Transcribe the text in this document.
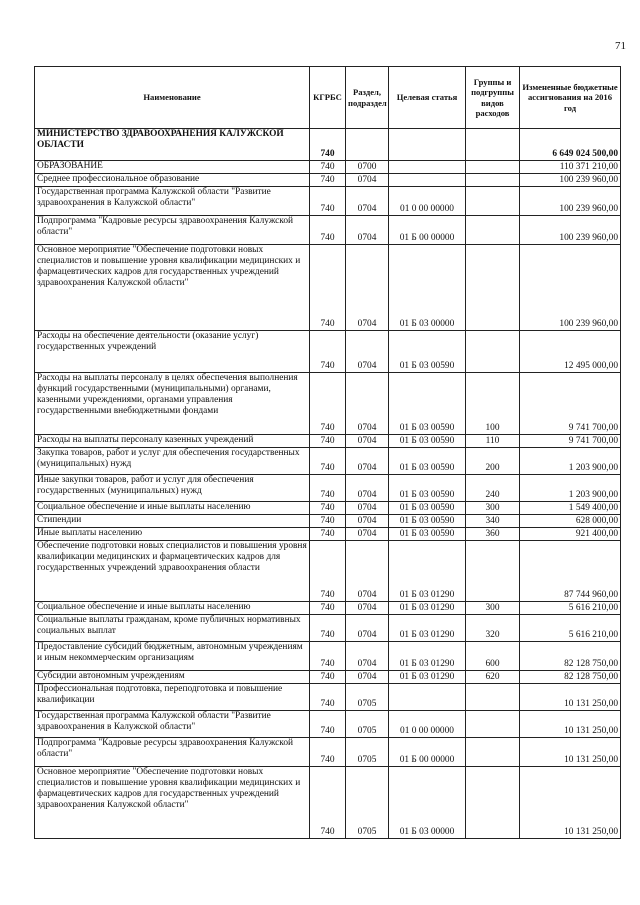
71
Наименование	КГРБС	Раздел, подраздел	Целевая статья	Группы и подгруппы видов расходов	Измененные бюджетные ассигнования на 2016 год
МИНИСТЕРСТВО ЗДРАВООХРАНЕНИЯ КАЛУЖСКОЙ ОБЛАСТИ	740				6 649 024 500,00
ОБРАЗОВАНИЕ	740	0700			110 371 210,00
Среднее профессиональное образование	740	0704			100 239 960,00
Государственная программа Калужской области "Развитие здравоохранения в Калужской области"	740	0704	01 0 00 00000		100 239 960,00
Подпрограмма "Кадровые ресурсы здравоохранения Калужской области"	740	0704	01 Б 00 00000		100 239 960,00
Основное мероприятие "Обеспечение подготовки новых специалистов и повышение уровня квалификации медицинских и фармацевтических кадров для государственных учреждений здравоохранения Калужской области"	740	0704	01 Б 03 00000		100 239 960,00
Расходы на обеспечение деятельности (оказание услуг) государственных учреждений	740	0704	01 Б 03 00590		12 495 000,00
Расходы на выплаты персоналу в целях обеспечения выполнения функций государственными (муниципальными) органами, казенными учреждениями, органами управления государственными внебюджетными фондами	740	0704	01 Б 03 00590	100	9 741 700,00
Расходы на выплаты персоналу казенных учреждений	740	0704	01 Б 03 00590	110	9 741 700,00
Закупка товаров, работ и услуг для обеспечения государственных (муниципальных) нужд	740	0704	01 Б 03 00590	200	1 203 900,00
Иные закупки товаров, работ и услуг для обеспечения государственных (муниципальных) нужд	740	0704	01 Б 03 00590	240	1 203 900,00
Социальное обеспечение и иные выплаты населению	740	0704	01 Б 03 00590	300	1 549 400,00
Стипендии	740	0704	01 Б 03 00590	340	628 000,00
Иные выплаты населению	740	0704	01 Б 03 00590	360	921 400,00
Обеспечение подготовки новых специалистов и повышения уровня квалификации медицинских и фармацевтических кадров для государственных учреждений здравоохранения области	740	0704	01 Б 03 01290		87 744 960,00
Социальное обеспечение и иные выплаты населению	740	0704	01 Б 03 01290	300	5 616 210,00
Социальные выплаты гражданам, кроме публичных нормативных социальных выплат	740	0704	01 Б 03 01290	320	5 616 210,00
Предоставление субсидий бюджетным, автономным учреждениям и иным некоммерческим организациям	740	0704	01 Б 03 01290	600	82 128 750,00
Субсидии автономным учреждениям	740	0704	01 Б 03 01290	620	82 128 750,00
Профессиональная подготовка, переподготовка и повышение квалификации	740	0705			10 131 250,00
Государственная программа Калужской области "Развитие здравоохранения в Калужской области"	740	0705	01 0 00 00000		10 131 250,00
Подпрограмма "Кадровые ресурсы здравоохранения Калужской области"	740	0705	01 Б 00 00000		10 131 250,00
Основное мероприятие "Обеспечение подготовки новых специалистов и повышение уровня квалификации медицинских и фармацевтических кадров для государственных учреждений здравоохранения Калужской области"	740	0705	01 Б 03 00000		10 131 250,00
